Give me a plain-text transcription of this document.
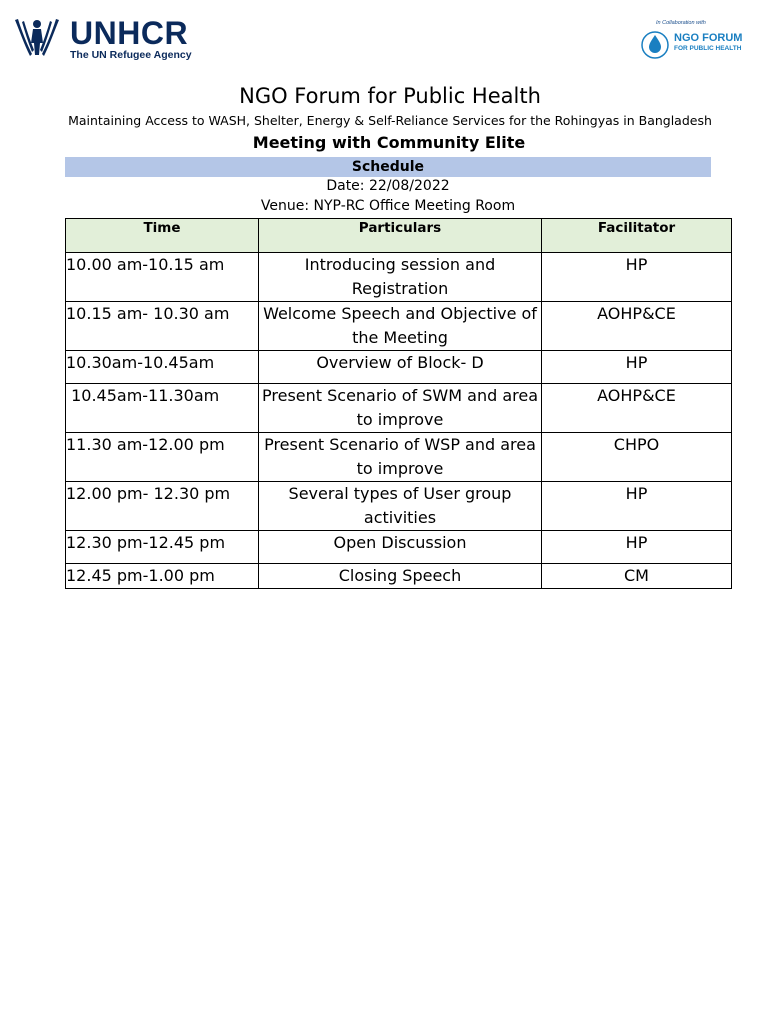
UNHCR
The UN Refugee Agency
In Collaboration with
NGO FORUM
FOR PUBLIC HEALTH
NGO Forum for Public Health
Maintaining Access to WASH, Shelter, Energy & Self-Reliance Services for the Rohingyas in Bangladesh
Meeting with Community Elite
Schedule
Date: 22/08/2022
Venue: NYP-RC Office Meeting Room
Time	Particulars	Facilitator
10.00 am-10.15 am	Introducing session and Registration	HP
10.15 am- 10.30 am	Welcome Speech and Objective of the Meeting	AOHP&CE
10.30am-10.45am	Overview of Block- D	HP
10.45am-11.30am	Present Scenario of SWM and area to improve	AOHP&CE
11.30 am-12.00 pm	Present Scenario of WSP and area to improve	CHPO
12.00 pm- 12.30 pm	Several types of User group activities	HP
12.30 pm-12.45 pm	Open Discussion	HP
12.45 pm-1.00 pm	Closing Speech	CM
